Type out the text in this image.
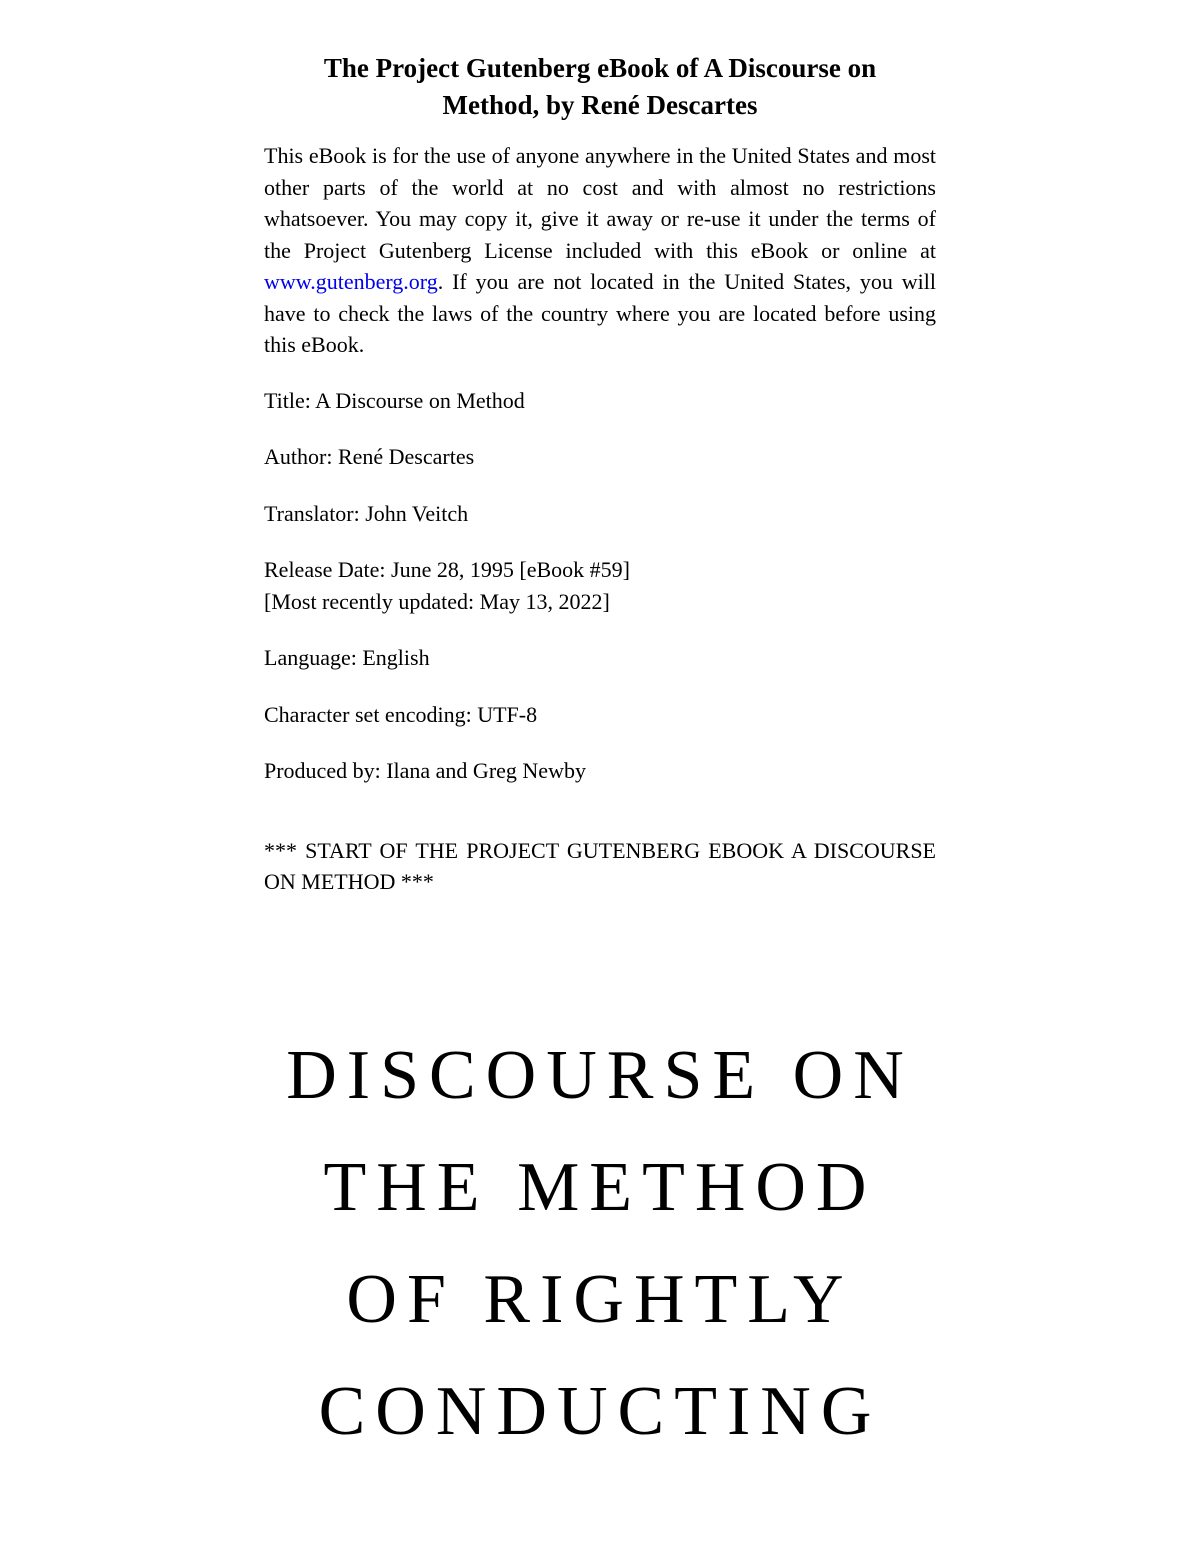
The Project Gutenberg eBook of A Discourse on
Method, by René Descartes

This eBook is for the use of anyone anywhere in the United States and most other parts of the world at no cost and with almost no restrictions whatsoever. You may copy it, give it away or re-use it under the terms of the Project Gutenberg License included with this eBook or online at www.gutenberg.org. If you are not located in the United States, you will have to check the laws of the country where you are located before using this eBook.

Title: A Discourse on Method

Author: René Descartes

Translator: John Veitch

Release Date: June 28, 1995 [eBook #59]
[Most recently updated: May 13, 2022]

Language: English

Character set encoding: UTF-8

Produced by: Ilana and Greg Newby

*** START OF THE PROJECT GUTENBERG EBOOK A DISCOURSE ON METHOD ***

DISCOURSE ON
THE METHOD
OF RIGHTLY
CONDUCTING
